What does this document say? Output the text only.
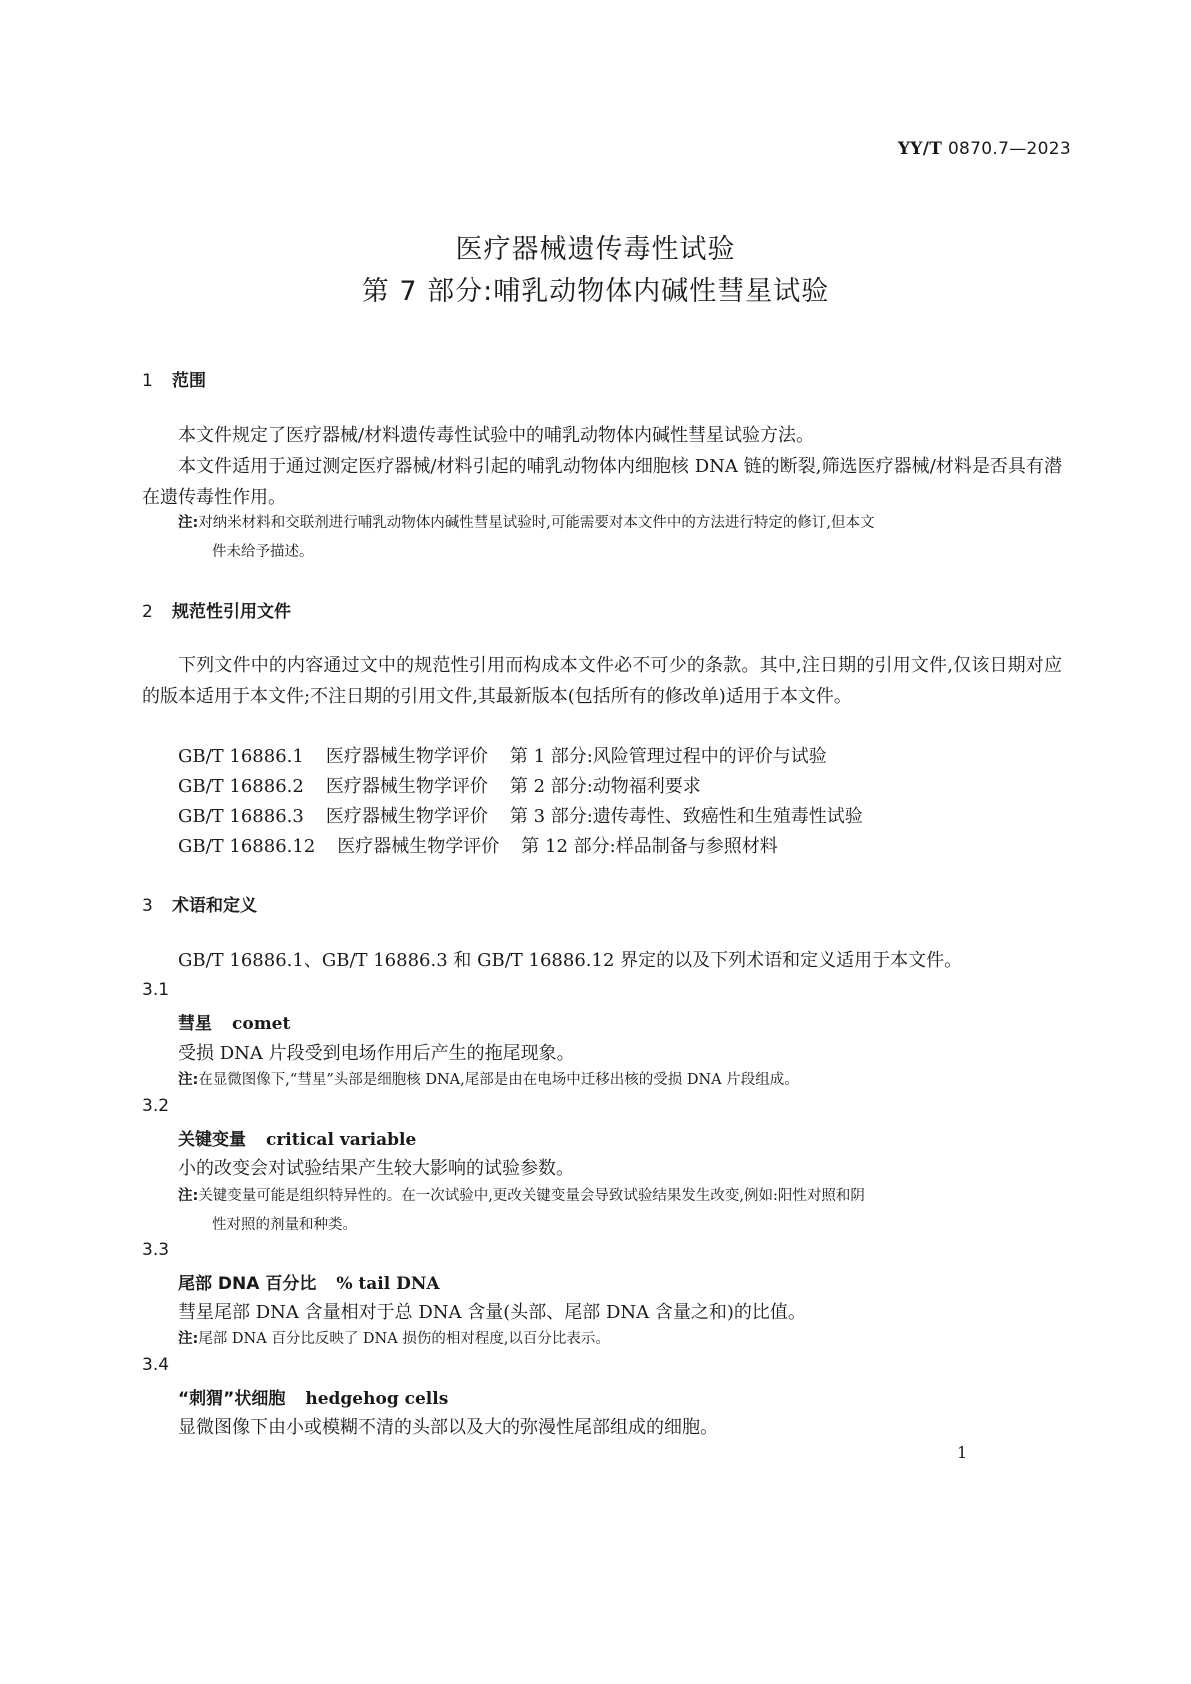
YY/T 0870.7—2023
医疗器械遗传毒性试验
第 7 部分:哺乳动物体内碱性彗星试验
1 范围
本文件规定了医疗器械/材料遗传毒性试验中的哺乳动物体内碱性彗星试验方法。
本文件适用于通过测定医疗器械/材料引起的哺乳动物体内细胞核 DNA 链的断裂,筛选医疗器械/材料是否具有潜在遗传毒性作用。
注:对纳米材料和交联剂进行哺乳动物体内碱性彗星试验时,可能需要对本文件中的方法进行特定的修订,但本文
件未给予描述。
2 规范性引用文件
下列文件中的内容通过文中的规范性引用而构成本文件必不可少的条款。其中,注日期的引用文件,仅该日期对应的版本适用于本文件;不注日期的引用文件,其最新版本(包括所有的修改单)适用于本文件。
GB/T 16886.1 医疗器械生物学评价 第 1 部分:风险管理过程中的评价与试验
GB/T 16886.2 医疗器械生物学评价 第 2 部分:动物福利要求
GB/T 16886.3 医疗器械生物学评价 第 3 部分:遗传毒性、致癌性和生殖毒性试验
GB/T 16886.12 医疗器械生物学评价 第 12 部分:样品制备与参照材料
3 术语和定义
GB/T 16886.1、GB/T 16886.3 和 GB/T 16886.12 界定的以及下列术语和定义适用于本文件。
3.1
彗星 comet
受损 DNA 片段受到电场作用后产生的拖尾现象。
注:在显微图像下,“彗星”头部是细胞核 DNA,尾部是由在电场中迁移出核的受损 DNA 片段组成。
3.2
关键变量 critical variable
小的改变会对试验结果产生较大影响的试验参数。
注:关键变量可能是组织特异性的。在一次试验中,更改关键变量会导致试验结果发生改变,例如:阳性对照和阴
性对照的剂量和种类。
3.3
尾部 DNA 百分比 % tail DNA
彗星尾部 DNA 含量相对于总 DNA 含量(头部、尾部 DNA 含量之和)的比值。
注:尾部 DNA 百分比反映了 DNA 损伤的相对程度,以百分比表示。
3.4
“刺猬”状细胞 hedgehog cells
显微图像下由小或模糊不清的头部以及大的弥漫性尾部组成的细胞。
1
